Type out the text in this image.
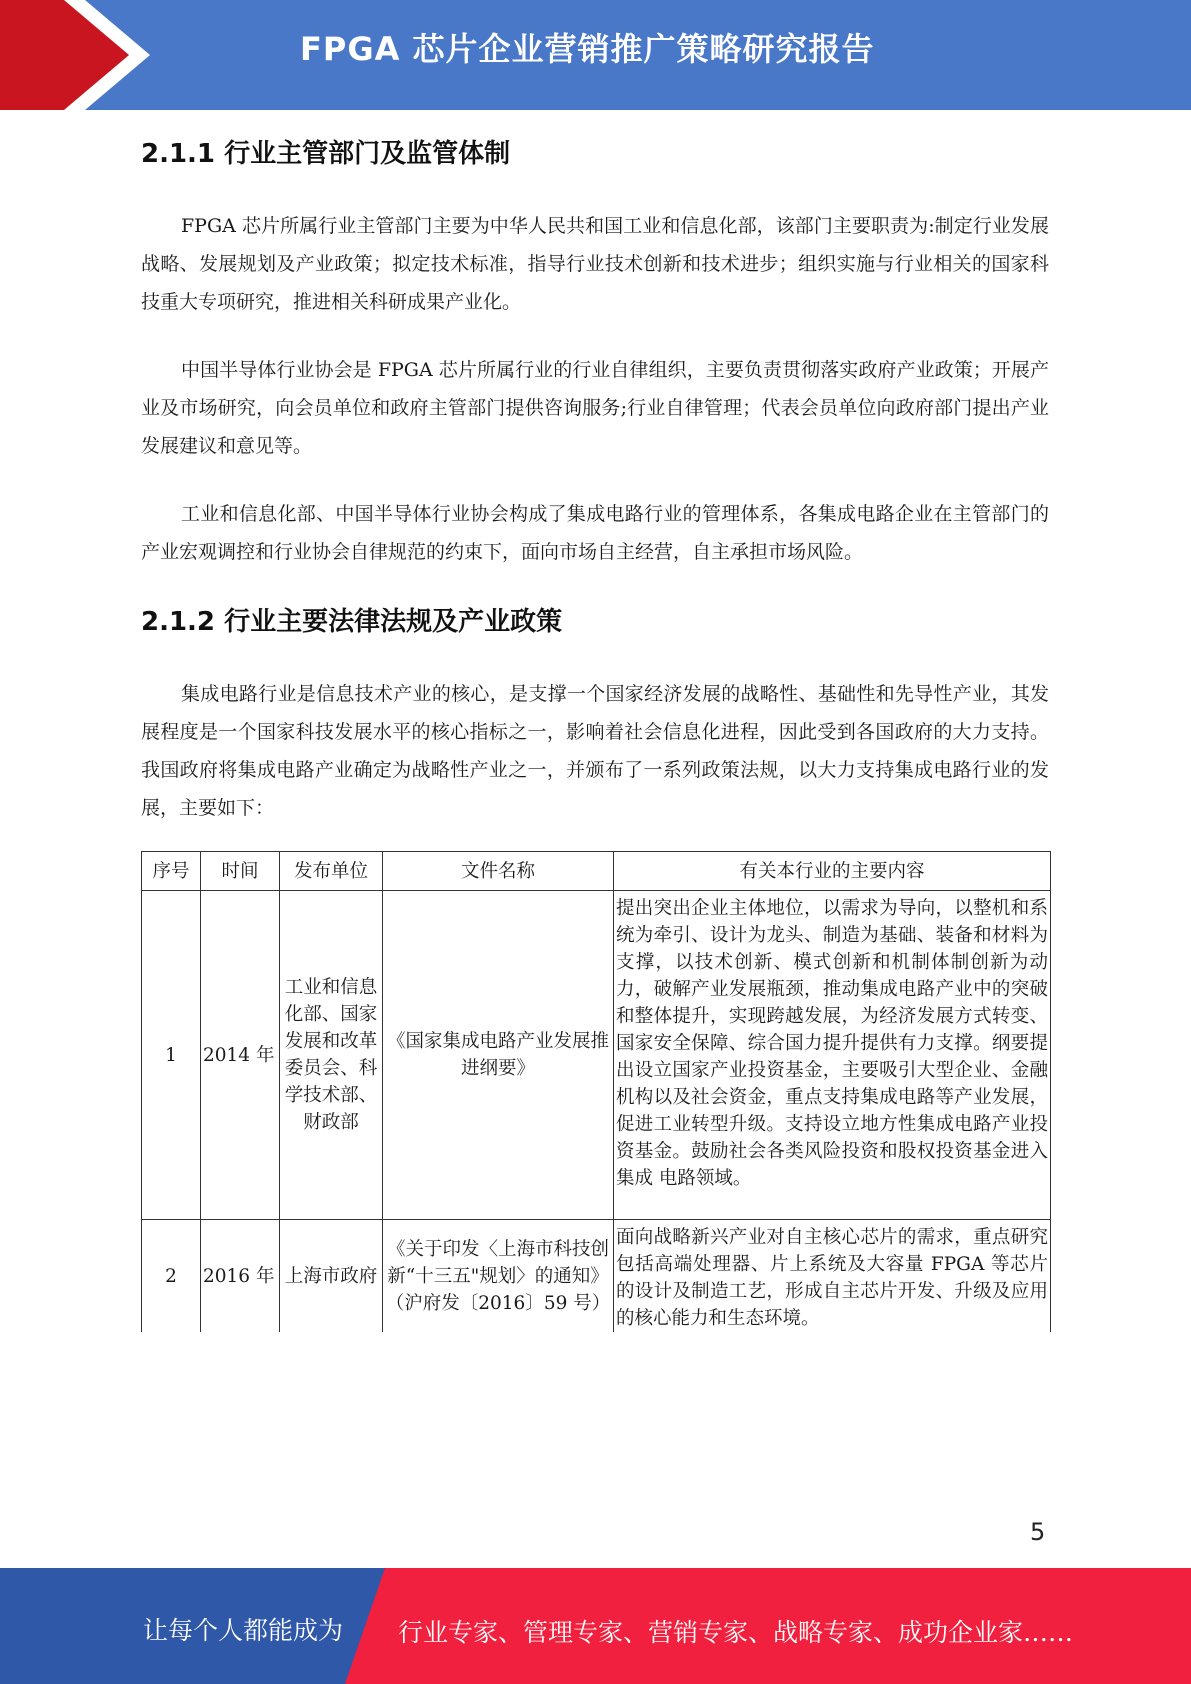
FPGA 芯片企业营销推广策略研究报告
2.1.1 行业主管部门及监管体制

FPGA 芯片所属行业主管部门主要为中华人民共和国工业和信息化部，该部门主要职责为:制定行业发展战略、发展规划及产业政策；拟定技术标准，指导行业技术创新和技术进步；组织实施与行业相关的国家科技重大专项研究，推进相关科研成果产业化。

中国半导体行业协会是 FPGA 芯片所属行业的行业自律组织，主要负责贯彻落实政府产业政策；开展产业及市场研究，向会员单位和政府主管部门提供咨询服务;行业自律管理；代表会员单位向政府部门提出产业发展建议和意见等。

工业和信息化部、中国半导体行业协会构成了集成电路行业的管理体系，各集成电路企业在主管部门的产业宏观调控和行业协会自律规范的约束下，面向市场自主经营，自主承担市场风险。

2.1.2 行业主要法律法规及产业政策

集成电路行业是信息技术产业的核心，是支撑一个国家经济发展的战略性、基础性和先导性产业，其发展程度是一个国家科技发展水平的核心指标之一，影响着社会信息化进程，因此受到各国政府的大力支持。我国政府将集成电路产业确定为战略性产业之一，并颁布了一系列政策法规，以大力支持集成电路行业的发展，主要如下：

序号	时间	发布单位	文件名称	有关本行业的主要内容
1	2014 年	工业和信息化部、国家发展和改革委员会、科学技术部、财政部	《国家集成电路产业发展推进纲要》	提出突出企业主体地位，以需求为导向，以整机和系统为牵引、设计为龙头、制造为基础、装备和材料为支撑，以技术创新、模式创新和机制体制创新为动力，破解产业发展瓶颈，推动集成电路产业中的突破和整体提升，实现跨越发展，为经济发展方式转变、国家安全保障、综合国力提升提供有力支撑。纲要提出设立国家产业投资基金，主要吸引大型企业、金融机构以及社会资金，重点支持集成电路等产业发展，促进工业转型升级。支持设立地方性集成电路产业投资基金。鼓励社会各类风险投资和股权投资基金进入集成 电路领域。
2	2016 年	上海市政府	《关于印发〈上海市科技创新“十三五"规划〉的通知》（沪府发〔2016〕59 号）	面向战略新兴产业对自主核心芯片的需求，重点研究包括高端处理器、片上系统及大容量 FPGA 等芯片的设计及制造工艺，形成自主芯片开发、升级及应用的核心能力和生态环境。
5
让每个人都能成为 行业专家、管理专家、营销专家、战略专家、成功企业家……
